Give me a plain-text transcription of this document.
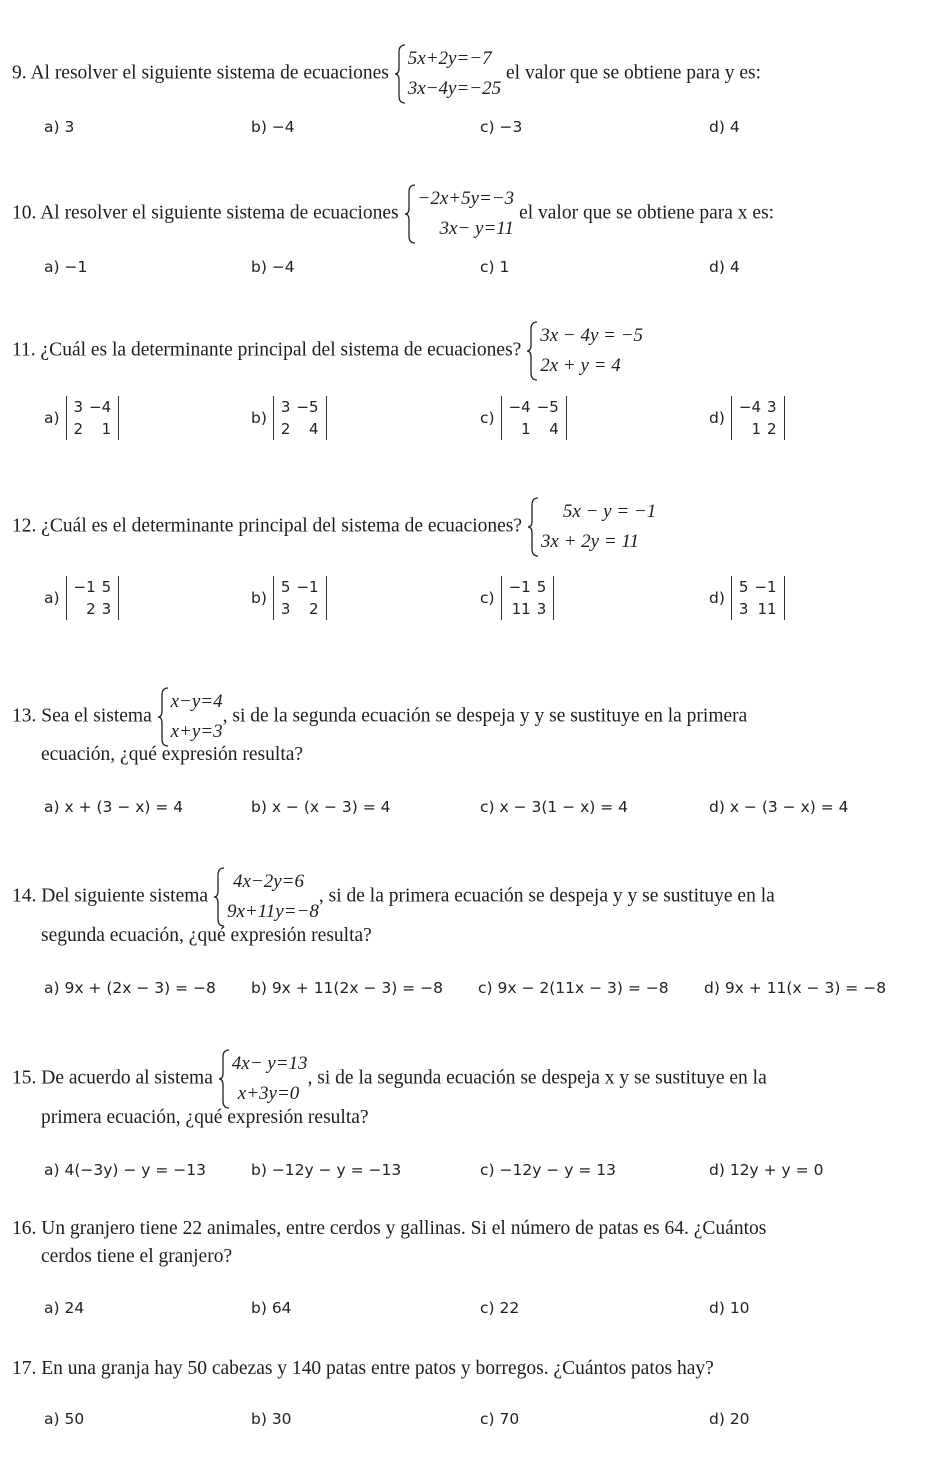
9. Al resolver el siguiente sistema de ecuaciones
5x+2y=−7
3x−4y=−25
el valor que se obtiene para y es:
a) 3	b) −4	c) −3	d) 4
10. Al resolver el siguiente sistema de ecuaciones
−2x+5y=−3
3x− y=11
el valor que se obtiene para x es:
a) −1	b) −4	c) 1	d) 4
11. ¿Cuál es la determinante principal del sistema de ecuaciones?
3x − 4y = −5
2x + y = 4
a)
3	−4
2	1
b)
3	−5
2	4
c)
−4	−5
1	4
d)
−4	3
1	2
12. ¿Cuál es el determinante principal del sistema de ecuaciones?
5x − y = −1
3x + 2y = 11
a)
−1	5
2	3
b)
5	−1
3	2
c)
−1	5
11	3
d)
5	−1
3	11
13. Sea el sistema
x−y=4
x+y=3
, si de la segunda ecuación se despeja y y se sustituye en la primera
ecuación, ¿qué expresión resulta?
a) x + (3 − x) = 4	b) x − (x − 3) = 4	c) x − 3(1 − x) = 4	d) x − (3 − x) = 4
14. Del siguiente sistema
4x−2y=6
9x+11y=−8
, si de la primera ecuación se despeja y y se sustituye en la
segunda ecuación, ¿qué expresión resulta?
a) 9x + (2x − 3) = −8 b) 9x + 11(2x − 3) = −8 c) 9x − 2(11x − 3) = −8 d) 9x + 11(x − 3) = −8
15. De acuerdo al sistema
4x− y=13
x+3y=0
, si de la segunda ecuación se despeja x y se sustituye en la
primera ecuación, ¿qué expresión resulta?
a) 4(−3y) − y = −13	b) −12y − y = −13	c) −12y − y = 13	d) 12y + y = 0
16. Un granjero tiene 22 animales, entre cerdos y gallinas. Si el número de patas es 64. ¿Cuántos
cerdos tiene el granjero?
a) 24	b) 64	c) 22	d) 10
17. En una granja hay 50 cabezas y 140 patas entre patos y borregos. ¿Cuántos patos hay?
a) 50	b) 30	c) 70	d) 20
